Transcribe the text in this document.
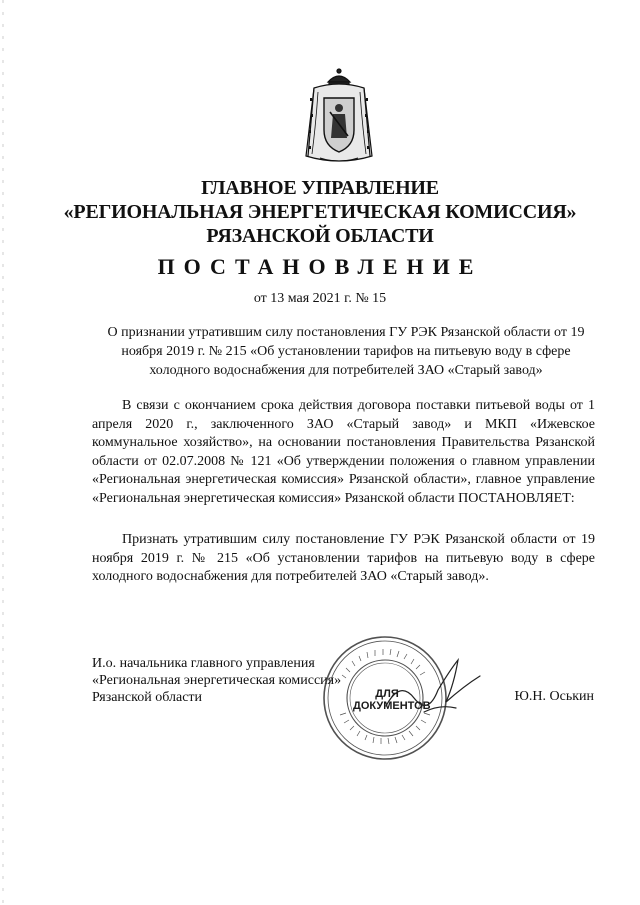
ГЛАВНОЕ УПРАВЛЕНИЕ
«РЕГИОНАЛЬНАЯ ЭНЕРГЕТИЧЕСКАЯ КОМИССИЯ»
РЯЗАНСКОЙ ОБЛАСТИ
ПОСТАНОВЛЕНИЕ
от 13 мая 2021 г. № 15
О признании утратившим силу постановления ГУ РЭК Рязанской области от 19 ноября 2019 г. № 215 «Об установлении тарифов на питьевую воду в сфере холодного водоснабжения для потребителей ЗАО «Старый завод»
В связи с окончанием срока действия договора поставки питьевой воды от 1 апреля 2020 г., заключенного ЗАО «Старый завод» и МКП «Ижевское коммунальное хозяйство», на основании постановления Правительства Рязанской области от 02.07.2008 № 121 «Об утверждении положения о главном управлении «Региональная энергетическая комиссия» Рязанской области», главное управление «Региональная энергетическая комиссия» Рязанской области ПОСТАНОВЛЯЕТ:
Признать утратившим силу постановление ГУ РЭК Рязанской области от 19 ноября 2019 г. № 215 «Об установлении тарифов на питьевую воду в сфере холодного водоснабжения для потребителей ЗАО «Старый завод».
И.о. начальника главного управления
«Региональная энергетическая комиссия»
Рязанской области	ДЛЯ
ДОКУМЕНТОВ
Ю.Н. Оськин
